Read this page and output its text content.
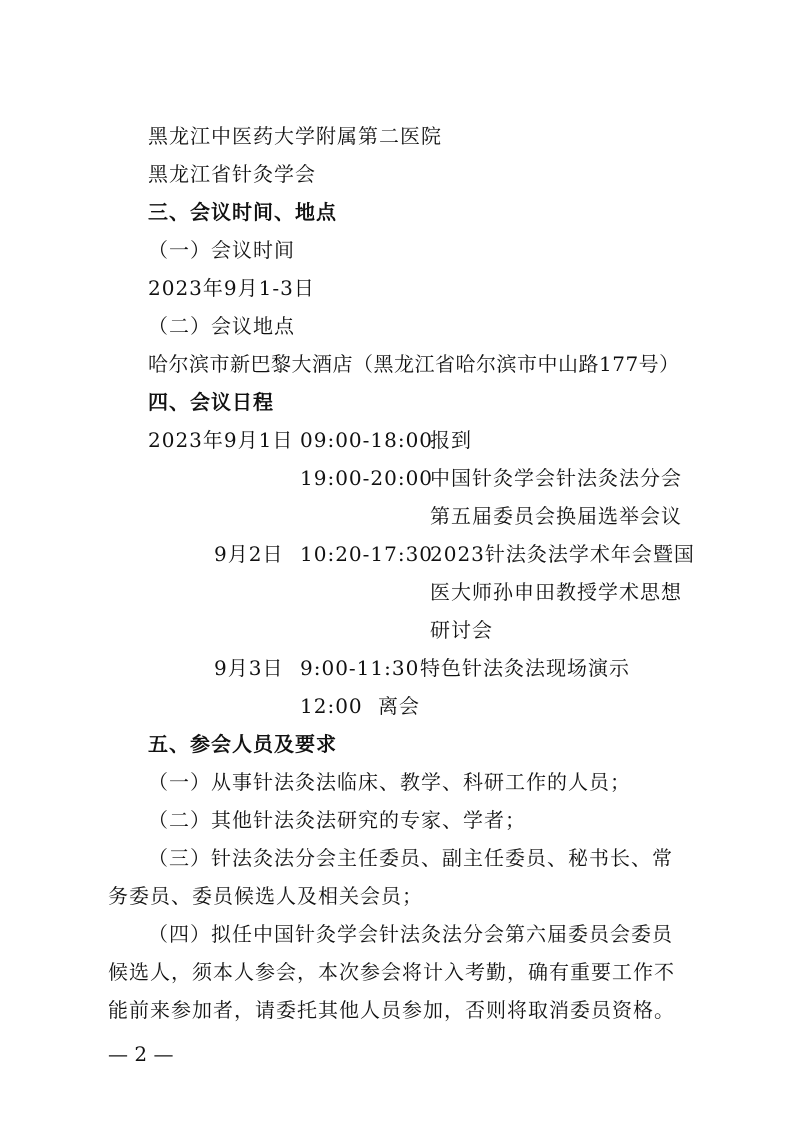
黑龙江中医药大学附属第二医院
黑龙江省针灸学会
三、会议时间、地点
（一）会议时间
2023年9月1-3日
（二）会议地点
哈尔滨市新巴黎大酒店（黑龙江省哈尔滨市中山路177号）
四、会议日程
2023年9月1日 09:00-18:00
报到
19:00-20:00
中国针灸学会针法灸法分会
第五届委员会换届选举会议
9月2日 10:20-17:30
2023针法灸法学术年会暨国
医大师孙申田教授学术思想
研讨会
9月3日 9:00-11:30 特色针法灸法现场演示
12:00 离会
五、参会人员及要求
（一）从事针法灸法临床、教学、科研工作的人员；
（二）其他针法灸法研究的专家、学者；
（三）针法灸法分会主任委员、副主任委员、秘书长、常
务委员、委员候选人及相关会员；
（四）拟任中国针灸学会针法灸法分会第六届委员会委员
候选人，须本人参会，本次参会将计入考勤，确有重要工作不
能前来参加者，请委托其他人员参加，否则将取消委员资格。
— 2 —
